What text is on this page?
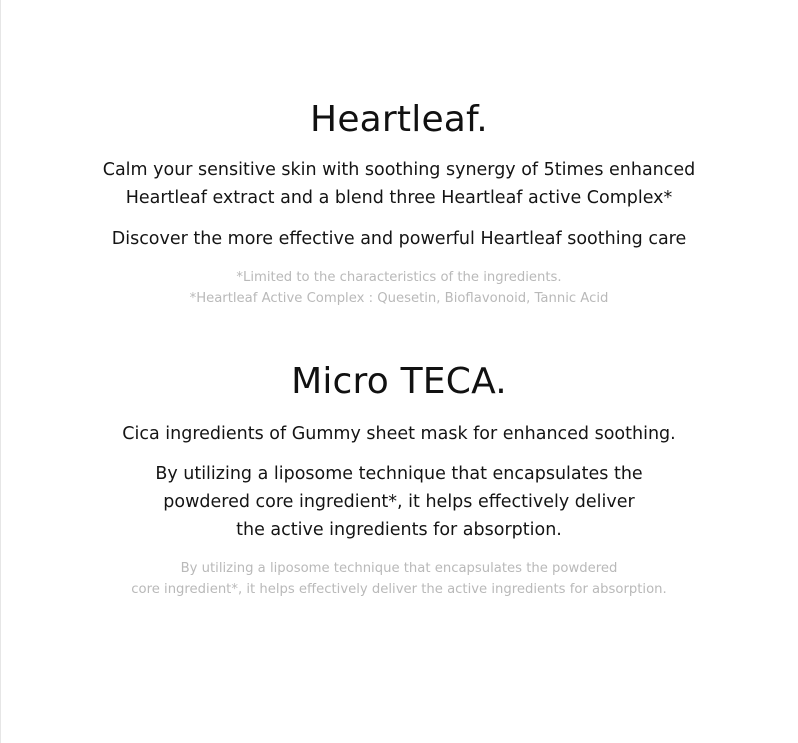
Heartleaf.

Calm your sensitive skin with soothing synergy of 5times enhanced
Heartleaf extract and a blend three Heartleaf active Complex*

Discover the more effective and powerful Heartleaf soothing care

*Limited to the characteristics of the ingredients.
*Heartleaf Active Complex : Quesetin, Bioflavonoid, Tannic Acid

Micro TECA.

Cica ingredients of Gummy sheet mask for enhanced soothing.

By utilizing a liposome technique that encapsulates the
powdered core ingredient*, it helps effectively deliver
the active ingredients for absorption.

By utilizing a liposome technique that encapsulates the powdered
core ingredient*, it helps effectively deliver the active ingredients for absorption.
